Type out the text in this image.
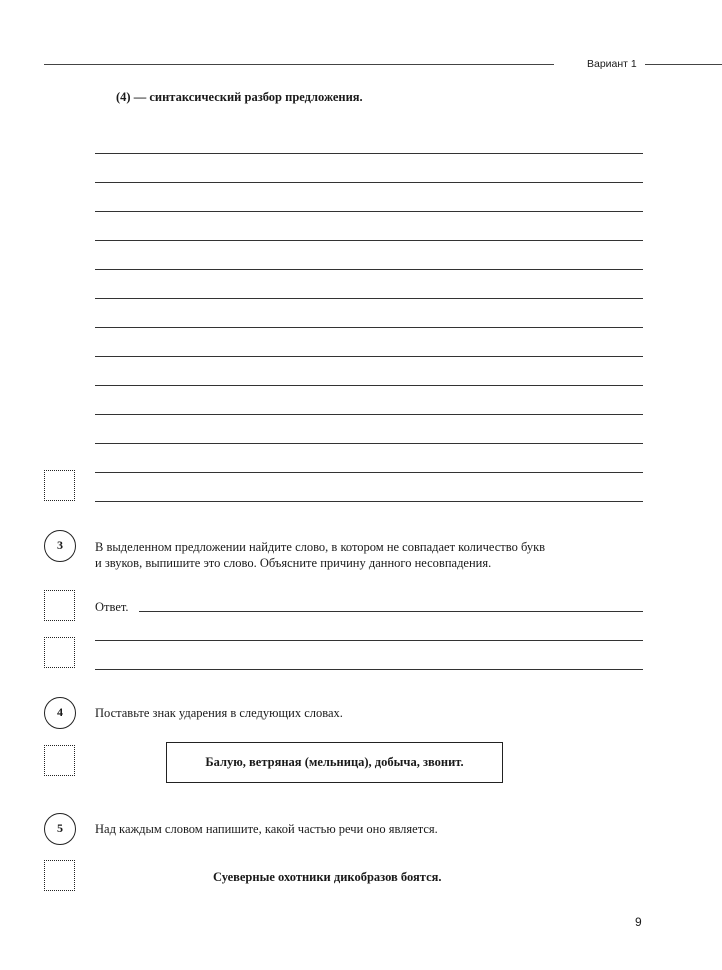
Вариант 1
(4) — синтаксический разбор предложения.
3	В выделенном предложении найдите слово, в котором не совпадает количество букв
и звуков, выпишите это слово. Объясните причину данного несовпадения.
Ответ.
4	Поставьте знак ударения в следующих словах.
Балую, ветряная (мельница), добыча, звонит.
5	Над каждым словом напишите, какой частью речи оно является.
Суеверные охотники дикобразов боятся.
9
